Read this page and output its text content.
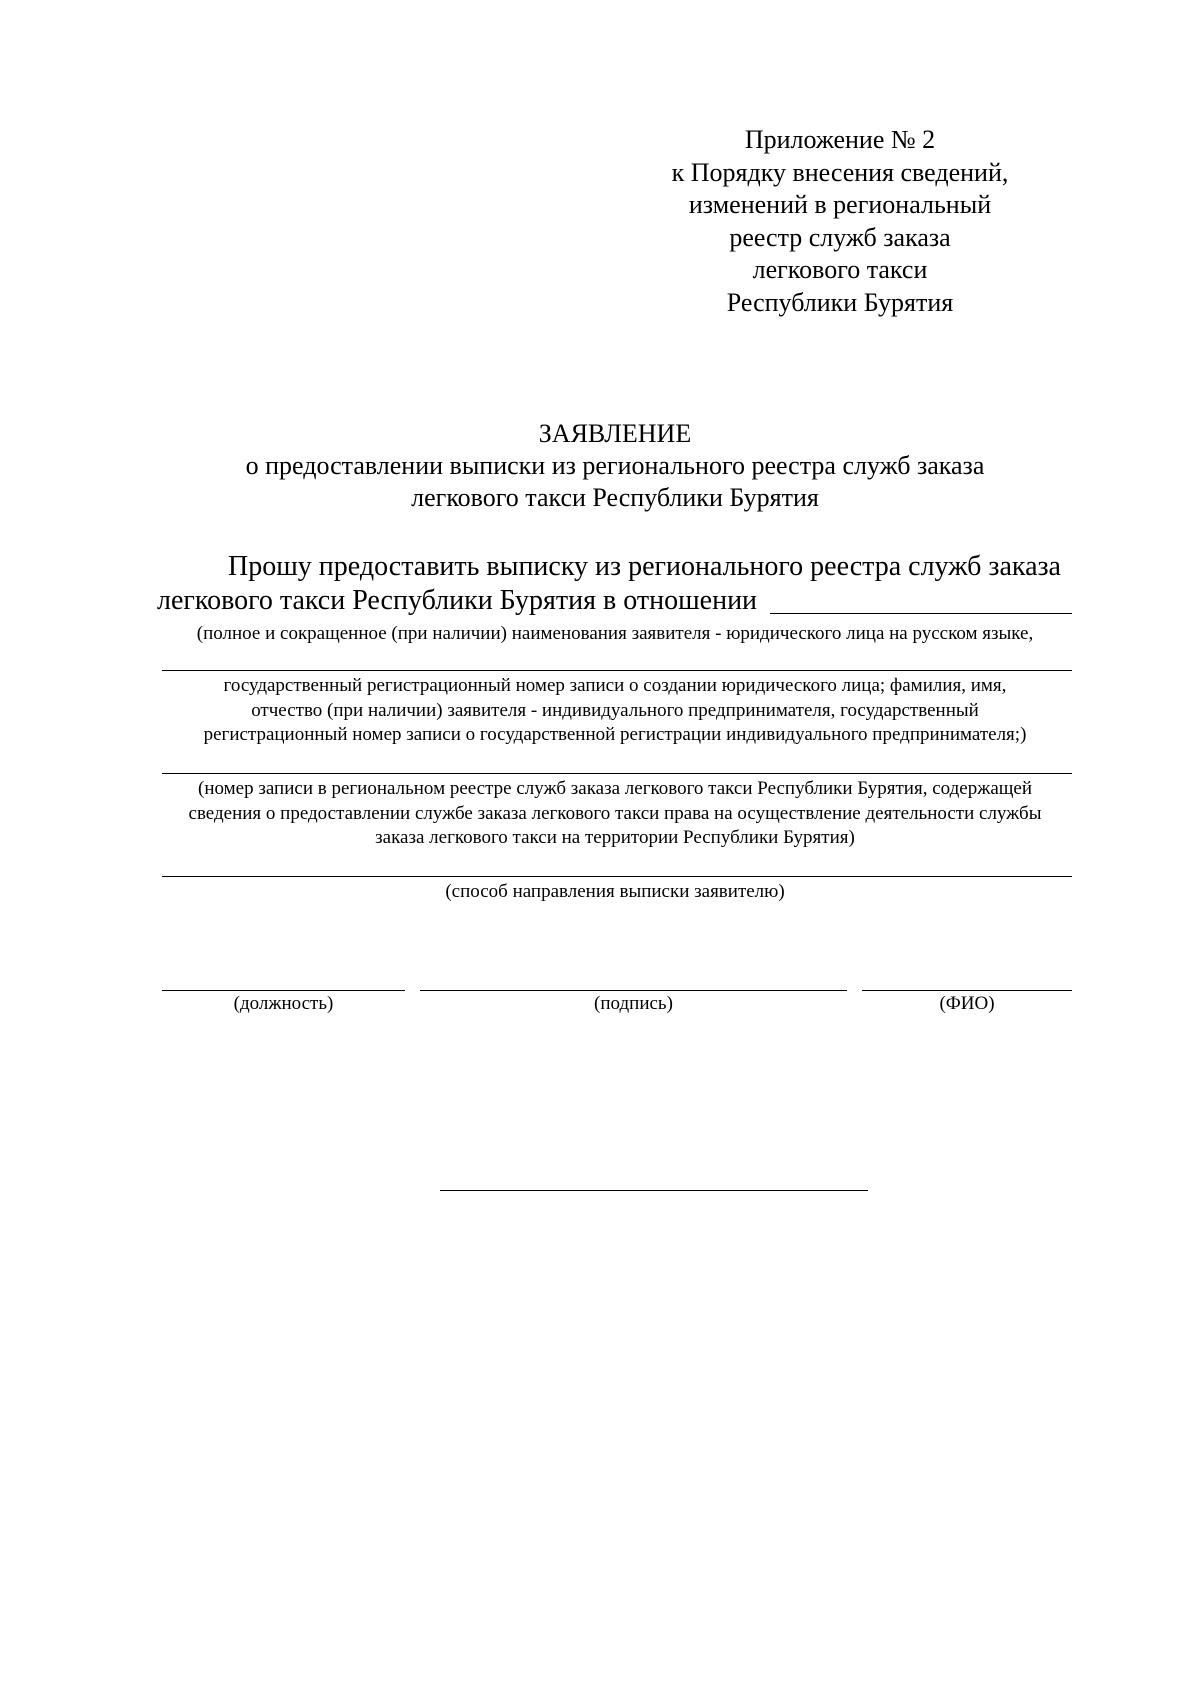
Приложение № 2
к Порядку внесения сведений,
изменений в региональный
реестр служб заказа
легкового такси
Республики Бурятия
ЗАЯВЛЕНИЕ
о предоставлении выписки из регионального реестра служб заказа
легкового такси Республики Бурятия
Прошу предоставить выписку из регионального реестра служб заказа
легкового такси Республики Бурятия в отношении
(полное и сокращенное (при наличии) наименования заявителя - юридического лица на русском языке,
государственный регистрационный номер записи о создании юридического лица; фамилия, имя,
отчество (при наличии) заявителя - индивидуального предпринимателя, государственный
регистрационный номер записи о государственной регистрации индивидуального предпринимателя;)
(номер записи в региональном реестре служб заказа легкового такси Республики Бурятия, содержащей
сведения о предоставлении службе заказа легкового такси права на осуществление деятельности службы
заказа легкового такси на территории Республики Бурятия)
(способ направления выписки заявителю)
(должность)	(подпись)	(ФИО)
